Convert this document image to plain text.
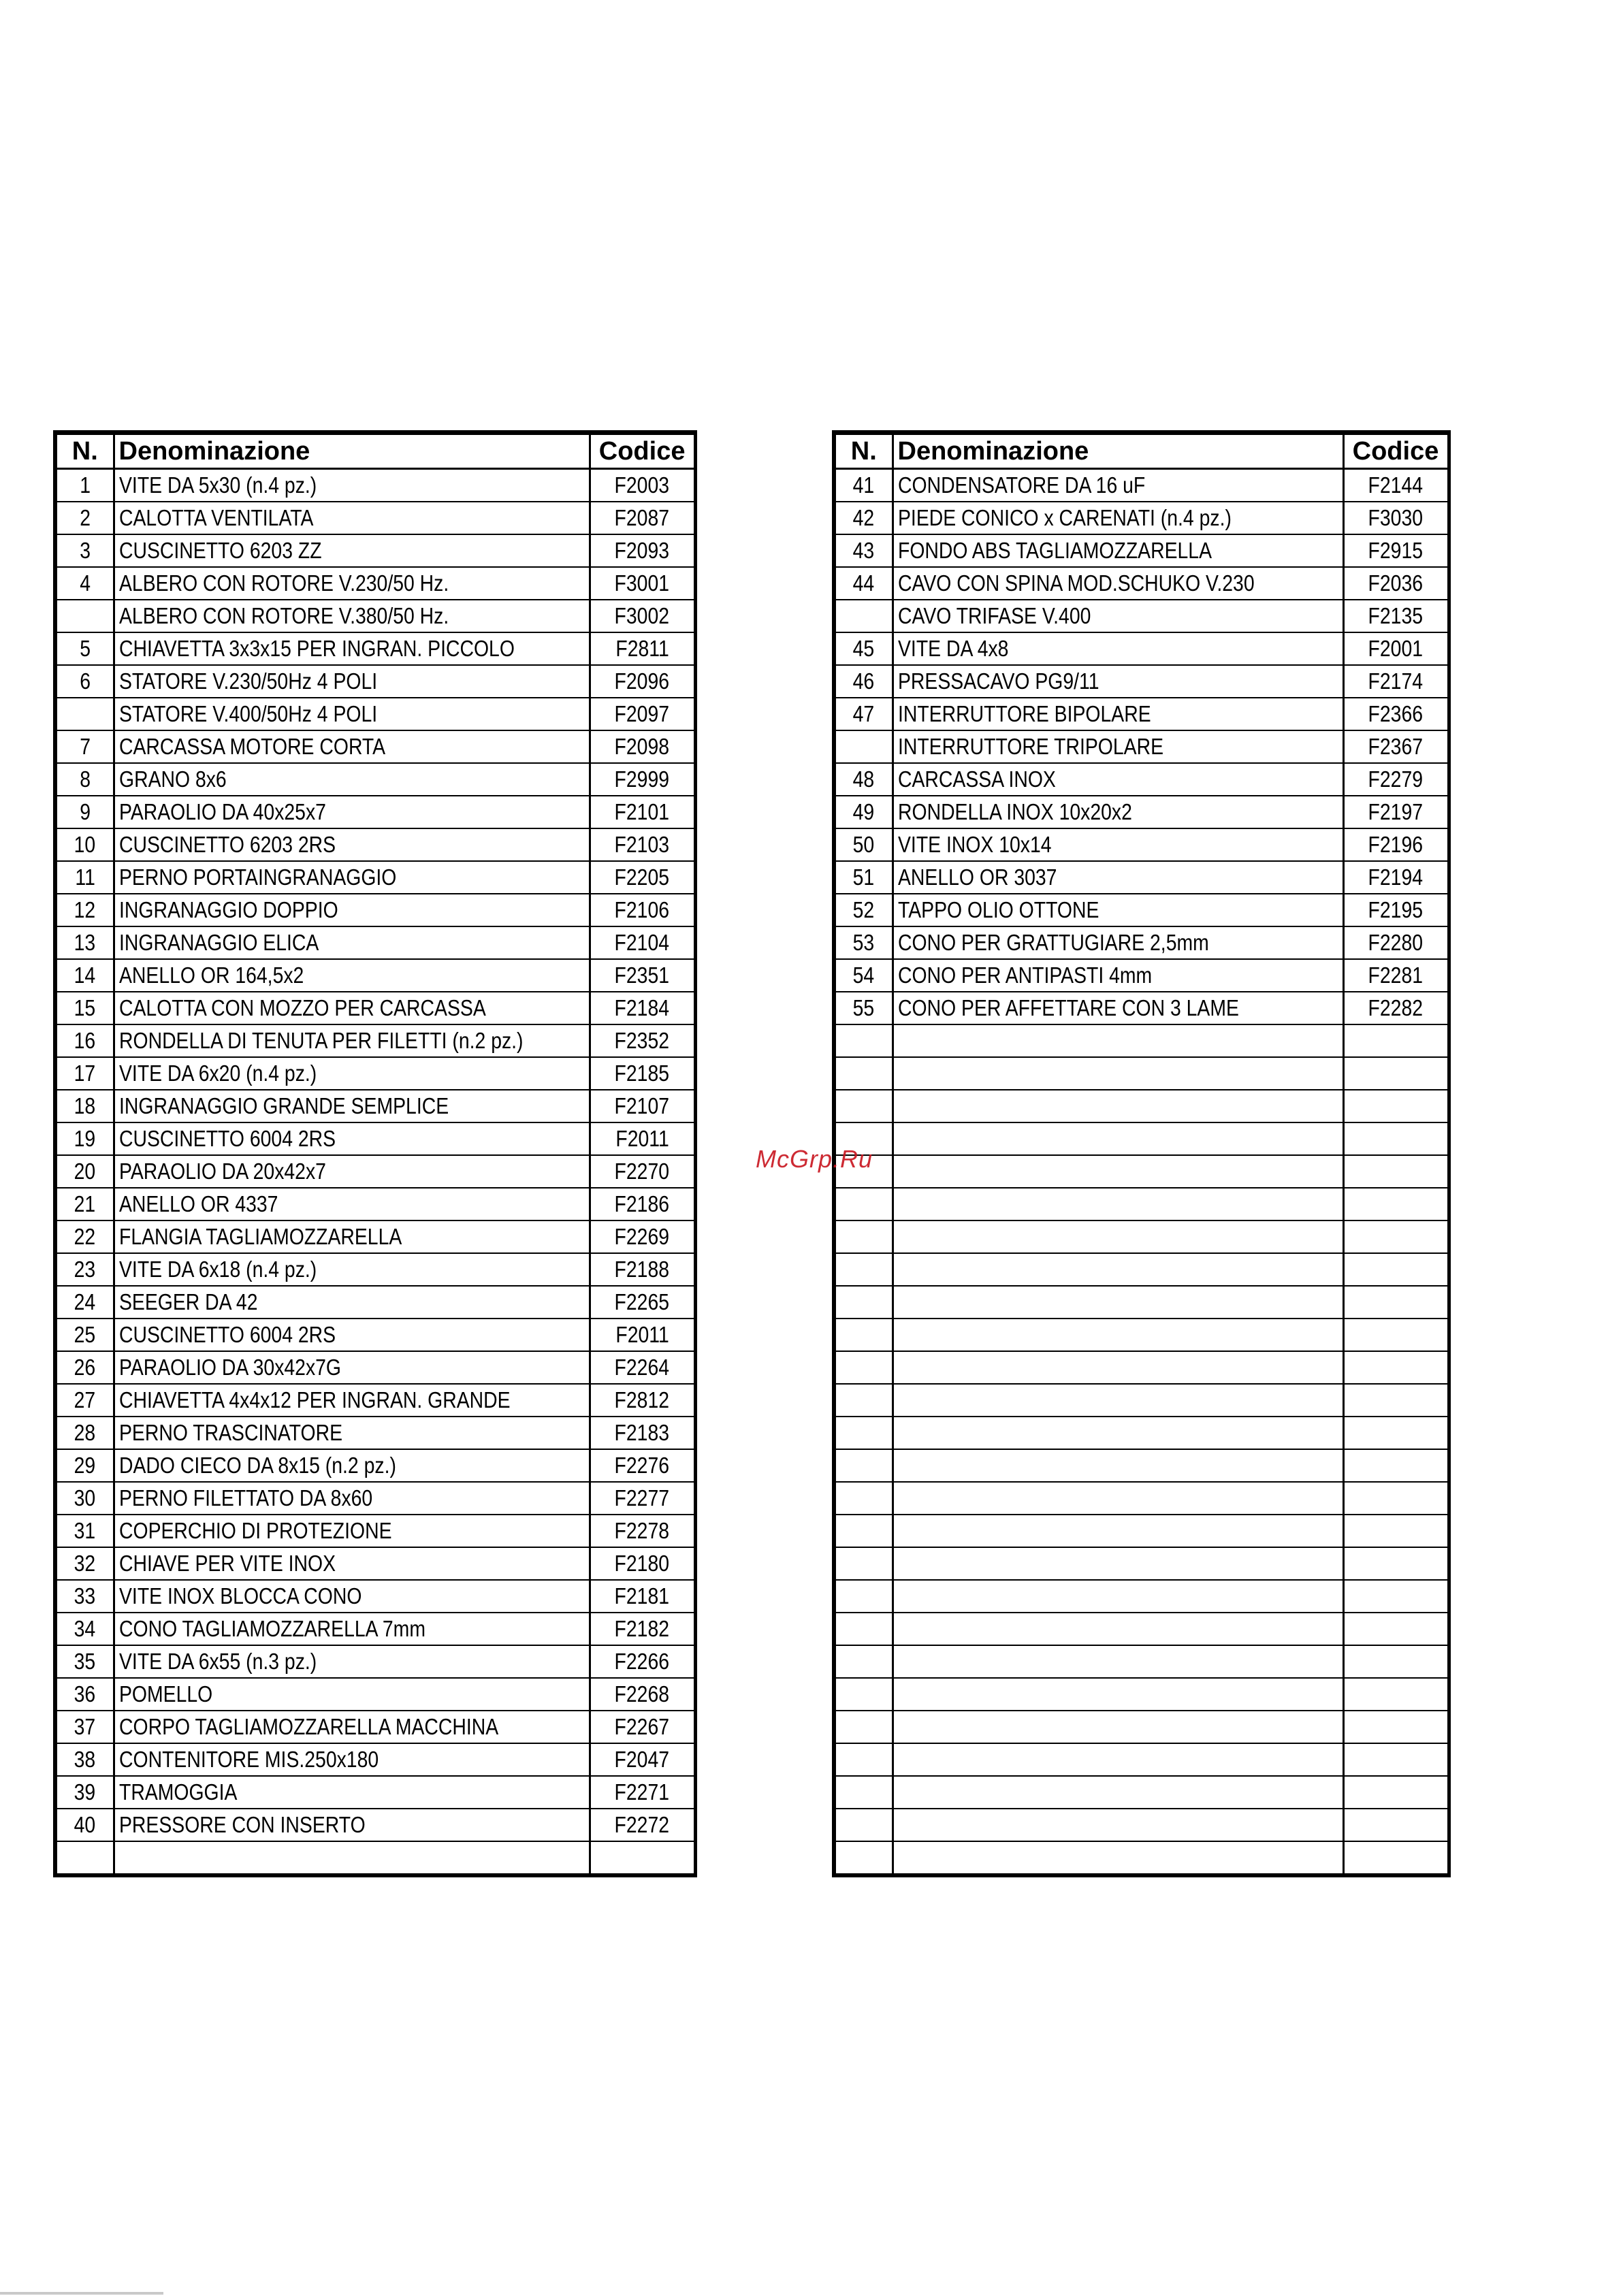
N.	Denominazione	Codice
1	VITE DA 5x30 (n.4 pz.)	F2003
2	CALOTTA VENTILATA	F2087
3	CUSCINETTO 6203 ZZ	F2093
4	ALBERO CON ROTORE V.230/50 Hz.	F3001
	ALBERO CON ROTORE V.380/50 Hz.	F3002
5	CHIAVETTA 3x3x15 PER INGRAN. PICCOLO	F2811
6	STATORE V.230/50Hz 4 POLI	F2096
	STATORE V.400/50Hz 4 POLI	F2097
7	CARCASSA MOTORE CORTA	F2098
8	GRANO 8x6	F2999
9	PARAOLIO DA 40x25x7	F2101
10	CUSCINETTO 6203 2RS	F2103
11	PERNO PORTAINGRANAGGIO	F2205
12	INGRANAGGIO DOPPIO	F2106
13	INGRANAGGIO ELICA	F2104
14	ANELLO OR 164,5x2	F2351
15	CALOTTA CON MOZZO PER CARCASSA	F2184
16	RONDELLA DI TENUTA PER FILETTI (n.2 pz.)	F2352
17	VITE DA 6x20 (n.4 pz.)	F2185
18	INGRANAGGIO GRANDE SEMPLICE	F2107
19	CUSCINETTO 6004 2RS	F2011
20	PARAOLIO DA 20x42x7	F2270
21	ANELLO OR 4337	F2186
22	FLANGIA TAGLIAMOZZARELLA	F2269
23	VITE DA 6x18 (n.4 pz.)	F2188
24	SEEGER DA 42	F2265
25	CUSCINETTO 6004 2RS	F2011
26	PARAOLIO DA 30x42x7G	F2264
27	CHIAVETTA 4x4x12 PER INGRAN. GRANDE	F2812
28	PERNO TRASCINATORE	F2183
29	DADO CIECO DA 8x15 (n.2 pz.)	F2276
30	PERNO FILETTATO DA 8x60	F2277
31	COPERCHIO DI PROTEZIONE	F2278
32	CHIAVE PER VITE INOX	F2180
33	VITE INOX BLOCCA CONO	F2181
34	CONO TAGLIAMOZZARELLA 7mm	F2182
35	VITE DA 6x55 (n.3 pz.)	F2266
36	POMELLO	F2268
37	CORPO TAGLIAMOZZARELLA MACCHINA	F2267
38	CONTENITORE MIS.250x180	F2047
39	TRAMOGGIA	F2271
40	PRESSORE CON INSERTO	F2272

N.	Denominazione	Codice
41	CONDENSATORE DA 16 uF	F2144
42	PIEDE CONICO x CARENATI (n.4 pz.)	F3030
43	FONDO ABS TAGLIAMOZZARELLA	F2915
44	CAVO CON SPINA MOD.SCHUKO V.230	F2036
	CAVO TRIFASE V.400	F2135
45	VITE DA 4x8	F2001
46	PRESSACAVO PG9/11	F2174
47	INTERRUTTORE BIPOLARE	F2366
	INTERRUTTORE TRIPOLARE	F2367
48	CARCASSA INOX	F2279
49	RONDELLA INOX 10x20x2	F2197
50	VITE INOX 10x14	F2196
51	ANELLO OR 3037	F2194
52	TAPPO OLIO OTTONE	F2195
53	CONO PER GRATTUGIARE 2,5mm	F2280
54	CONO PER ANTIPASTI 4mm	F2281
55	CONO PER AFFETTARE CON 3 LAME	F2282

McGrp.Ru
